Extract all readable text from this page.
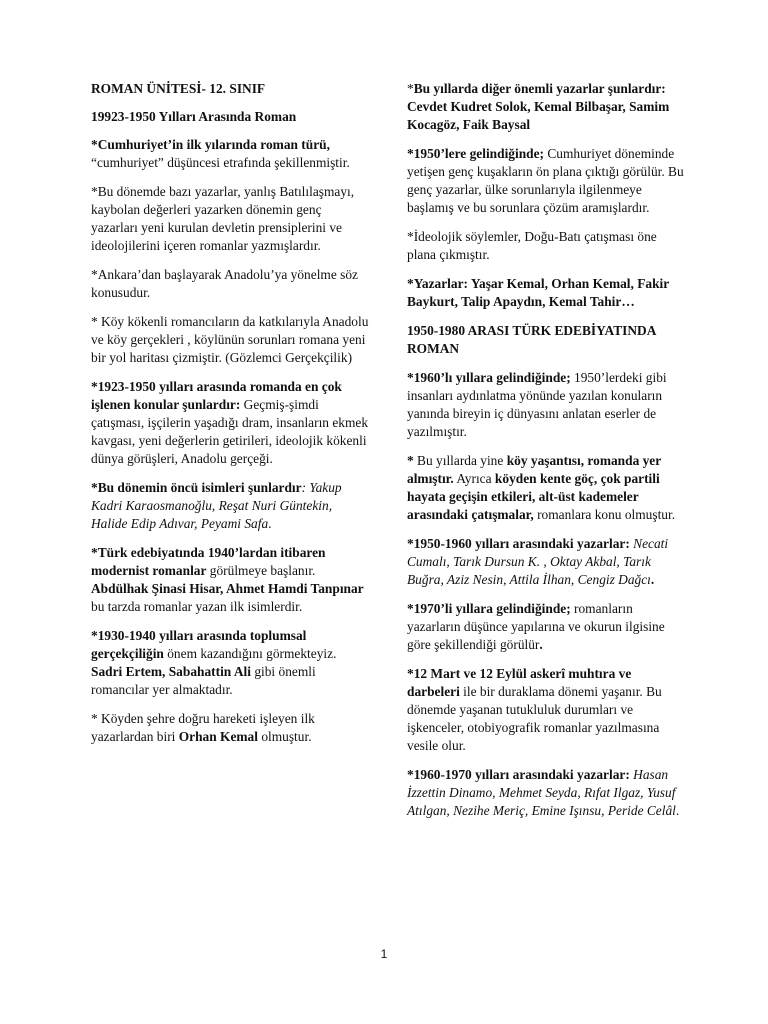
ROMAN ÜNİTESİ- 12. SINIF

19923-1950 Yılları Arasında Roman

*Cumhuriyet’in ilk yılarında roman türü, “cumhuriyet” düşüncesi etrafında şekillenmiştir.

*Bu dönemde bazı yazarlar, yanlış Batılılaşmayı, kaybolan değerleri yazarken dönemin genç yazarları yeni kurulan devletin prensiplerini ve ideolojilerini içeren romanlar yazmışlardır.

*Ankara’dan başlayarak Anadolu’ya yönelme söz konusudur.

* Köy kökenli romancıların da katkılarıyla Anadolu ve köy gerçekleri , köylünün sorunları romana yeni bir yol haritası çizmiştir. (Gözlemci Gerçekçilik)

*1923-1950 yılları arasında romanda en çok işlenen konular şunlardır: Geçmiş-şimdi çatışması, işçilerin yaşadığı dram, insanların ekmek kavgası, yeni değerlerin getirileri, ideolojik kökenli dünya görüşleri, Anadolu gerçeği.

*Bu dönemin öncü isimleri şunlardır: Yakup Kadri Karaosmanoğlu, Reşat Nuri Güntekin, Halide Edip Adıvar, Peyami Safa.

*Türk edebiyatında 1940’lardan itibaren modernist romanlar görülmeye başlanır. Abdülhak Şinasi Hisar, Ahmet Hamdi Tanpınar bu tarzda romanlar yazan ilk isimlerdir.

*1930-1940 yılları arasında toplumsal gerçekçiliğin önem kazandığını görmekteyiz. Sadri Ertem, Sabahattin Ali gibi önemli romancılar yer almaktadır.

* Köyden şehre doğru hareketi işleyen ilk yazarlardan biri Orhan Kemal olmuştur.

*Bu yıllarda diğer önemli yazarlar şunlardır: Cevdet Kudret Solok, Kemal Bilbaşar, Samim Kocagöz, Faik Baysal

*1950’lere gelindiğinde; Cumhuriyet döneminde yetişen genç kuşakların ön plana çıktığı görülür. Bu genç yazarlar, ülke sorunlarıyla ilgilenmeye başlamış ve bu sorunlara çözüm aramışlardır.

*İdeolojik söylemler, Doğu-Batı çatışması öne plana çıkmıştır.

*Yazarlar: Yaşar Kemal, Orhan Kemal, Fakir Baykurt, Talip Apaydın, Kemal Tahir…

1950-1980 ARASI TÜRK EDEBİYATINDA ROMAN

*1960’lı yıllara gelindiğinde; 1950’lerdeki gibi insanları aydınlatma yönünde yazılan konuların yanında bireyin iç dünyasını anlatan eserler de yazılmıştır.

* Bu yıllarda yine köy yaşantısı, romanda yer almıştır. Ayrıca köyden kente göç, çok partili hayata geçişin etkileri, alt-üst kademeler arasındaki çatışmalar, romanlara konu olmuştur.

*1950-1960 yılları arasındaki yazarlar: Necati Cumalı, Tarık Dursun K. , Oktay Akbal, Tarık Buğra, Aziz Nesin, Attila İlhan, Cengiz Dağcı.

*1970’li yıllara gelindiğinde; romanların yazarların düşünce yapılarına ve okurun ilgisine göre şekillendiği görülür.

*12 Mart ve 12 Eylül askerî muhtıra ve darbeleri ile bir duraklama dönemi yaşanır. Bu dönemde yaşanan tutukluluk durumları ve işkenceler, otobiyografik romanlar yazılmasına vesile olur.

*1960-1970 yılları arasındaki yazarlar: Hasan İzzettin Dinamo, Mehmet Seyda, Rıfat Ilgaz, Yusuf Atılgan, Nezihe Meriç, Emine Işınsu, Peride Celâl.

1
